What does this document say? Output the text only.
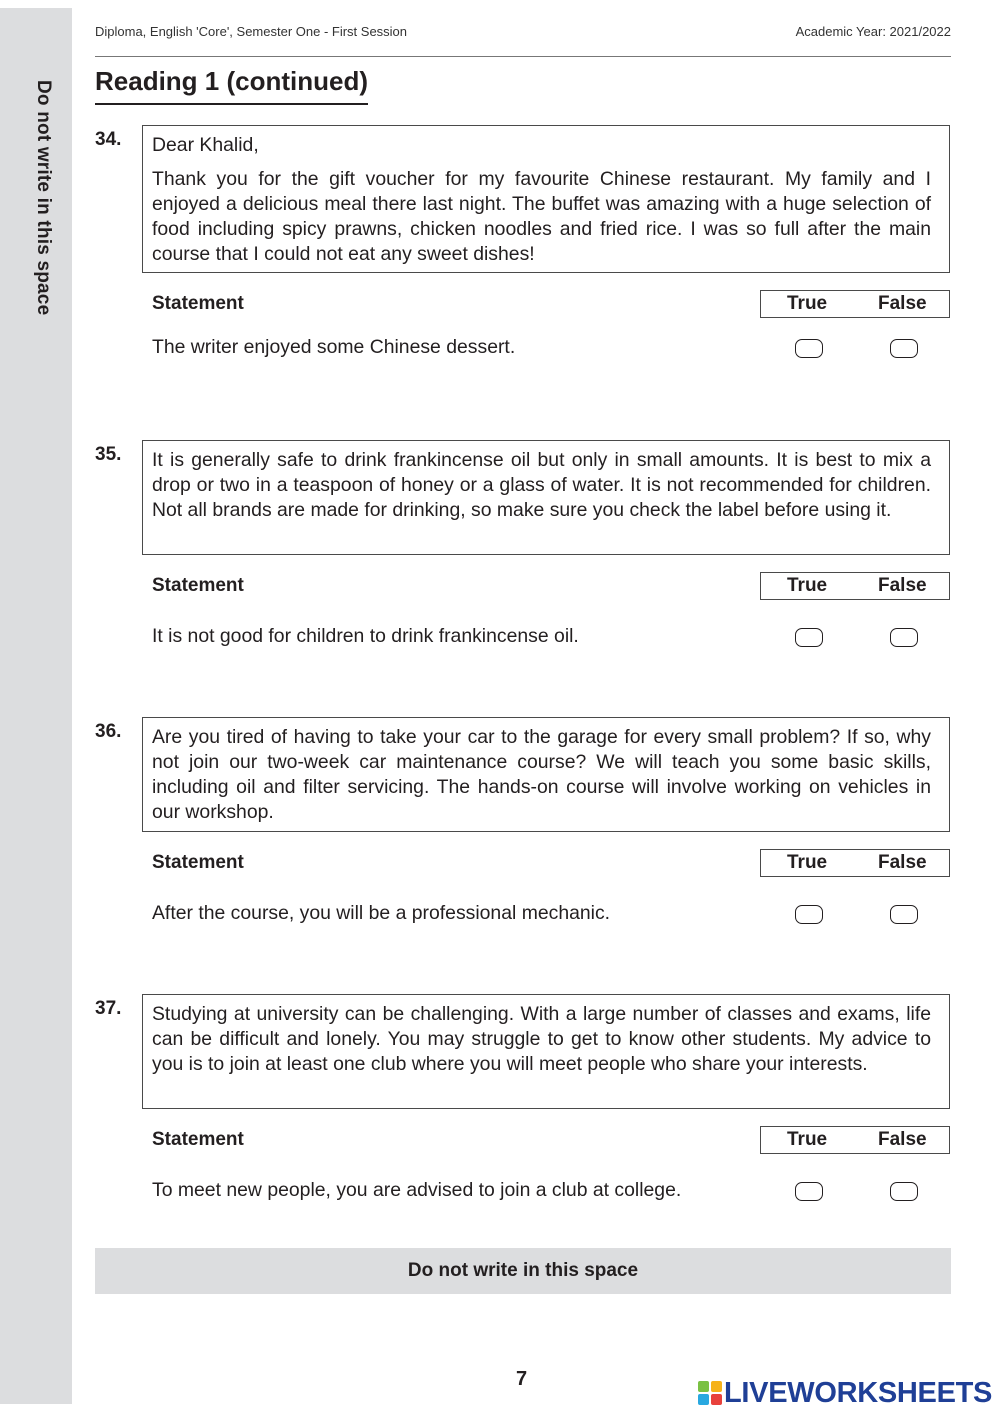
Do not write in this space
Diploma, English 'Core', Semester One - First Session	Academic Year: 2021/2022
Reading 1 (continued)
34. Dear Khalid,

Thank you for the gift voucher for my favourite Chinese restaurant. My family and I enjoyed a delicious meal there last night. The buffet was amazing with a huge selection of food including spicy prawns, chicken noodles and fried rice. I was so full after the main course that I could not eat any sweet dishes!

Statement	True	False
The writer enjoyed some Chinese dessert.
35. It is generally safe to drink frankincense oil but only in small amounts. It is best to mix a drop or two in a teaspoon of honey or a glass of water. It is not recommended for children. Not all brands are made for drinking, so make sure you check the label before using it.

Statement	True	False
It is not good for children to drink frankincense oil.
36. Are you tired of having to take your car to the garage for every small problem? If so, why not join our two-week car maintenance course? We will teach you some basic skills, including oil and filter servicing. The hands-on course will involve working on vehicles in our workshop.

Statement	True	False
After the course, you will be a professional mechanic.
37. Studying at university can be challenging. With a large number of classes and exams, life can be difficult and lonely. You may struggle to get to know other students. My advice to you is to join at least one club where you will meet people who share your interests.

Statement	True	False
To meet new people, you are advised to join a club at college.
Do not write in this space
7	LIVEWORKSHEETS
